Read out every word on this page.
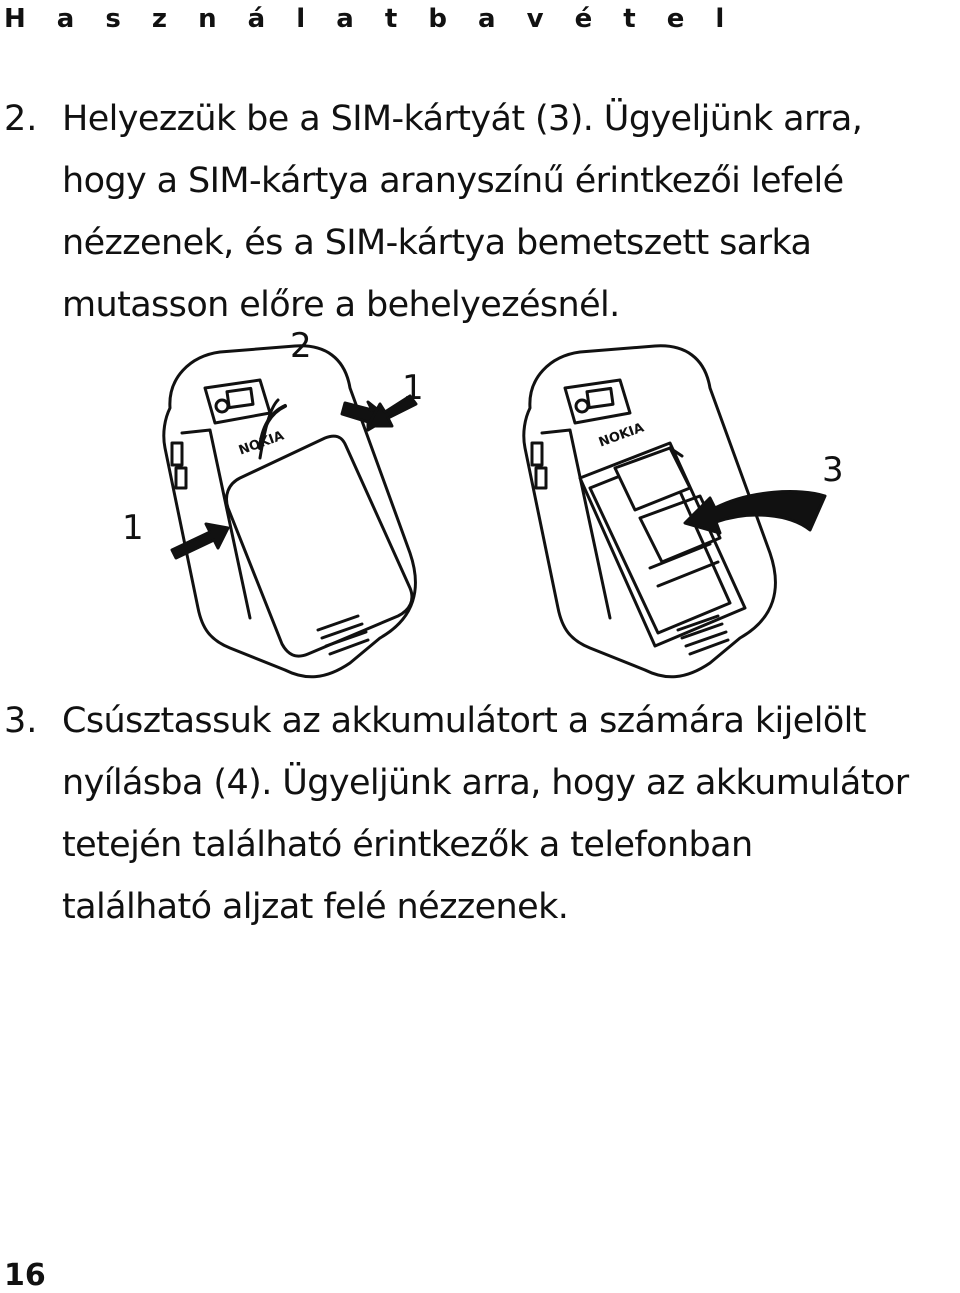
H a s z n á l a t b a v é t e l
2. Helyezzük be a SIM-kártyát (3). Ügyeljünk arra,
hogy a SIM-kártya aranyszínű érintkezői lefelé
nézzenek, és a SIM-kártya bemetszett sarka
mutasson előre a behelyezésnél.
1
2
1
3
NOKIA	NOKIA
3. Csúsztassuk az akkumulátort a számára kijelölt
nyílásba (4). Ügyeljünk arra, hogy az akkumulátor
tetején található érintkezők a telefonban
található aljzat felé nézzenek.
16
